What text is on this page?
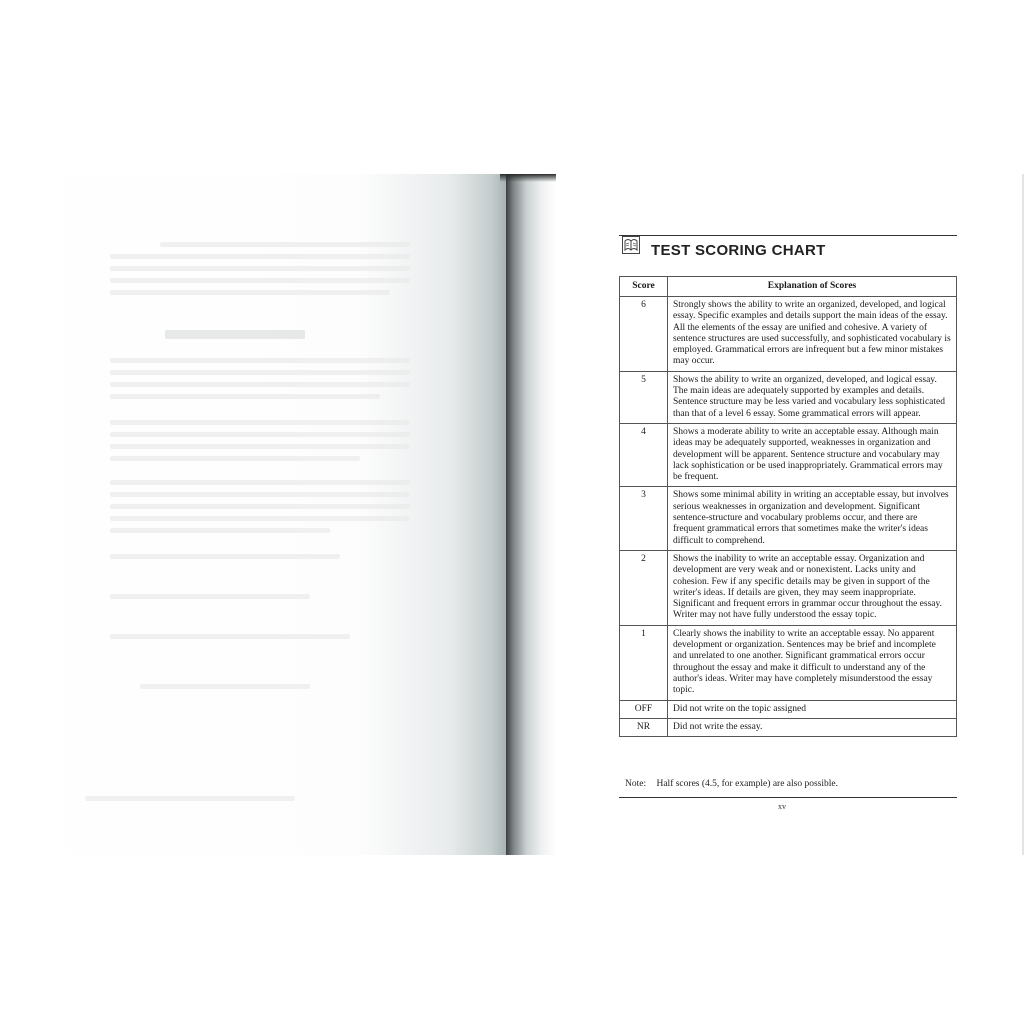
TEST SCORING CHART
Score	Explanation of Scores
6	Strongly shows the ability to write an organized, developed, and logical essay. Specific examples and details support the main ideas of the essay. All the elements of the essay are unified and cohesive. A variety of sentence structures are used successfully, and sophisticated vocabulary is employed. Grammatical errors are infrequent but a few minor mistakes may occur.
5	Shows the ability to write an organized, developed, and logical essay. The main ideas are adequately supported by examples and details. Sentence structure may be less varied and vocabulary less sophisticated than that of a level 6 essay. Some grammatical errors will appear.
4	Shows a moderate ability to write an acceptable essay. Although main ideas may be adequately supported, weaknesses in organization and development will be apparent. Sentence structure and vocabulary may lack sophistication or be used inappropriately. Grammatical errors may be frequent.
3	Shows some minimal ability in writing an acceptable essay, but involves serious weaknesses in organization and development. Significant sentence-structure and vocabulary problems occur, and there are frequent grammatical errors that sometimes make the writer's ideas difficult to comprehend.
2	Shows the inability to write an acceptable essay. Organization and development are very weak and or nonexistent. Lacks unity and cohesion. Few if any specific details may be given in support of the writer's ideas. If details are given, they may seem inappropriate. Significant and frequent errors in grammar occur throughout the essay. Writer may not have fully understood the essay topic.
1	Clearly shows the inability to write an acceptable essay. No apparent development or organization. Sentences may be brief and incomplete and unrelated to one another. Significant grammatical errors occur throughout the essay and make it difficult to understand any of the author's ideas. Writer may have completely misunderstood the essay topic.
OFF	Did not write on the topic assigned
NR	Did not write the essay.
Note: Half scores (4.5, for example) are also possible.
xv
